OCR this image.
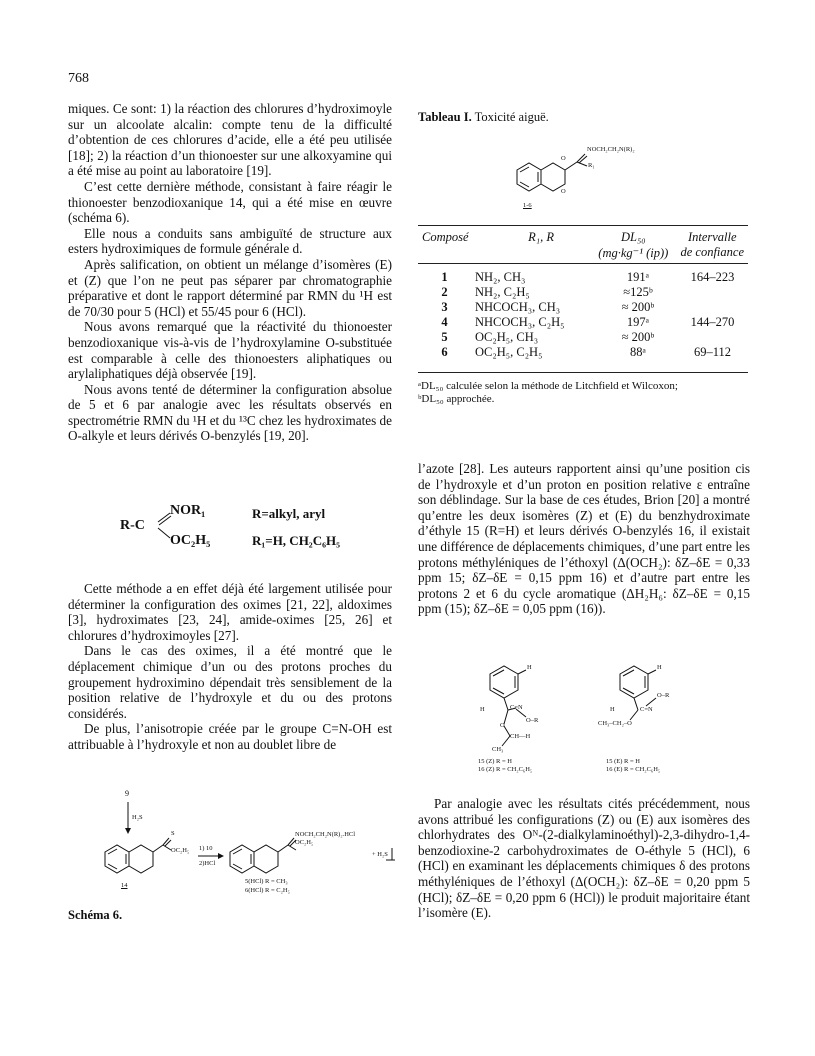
768

miques. Ce sont: 1) la réaction des chlorures d’hydroximoyle sur un alcoolate alcalin: compte tenu de la difficulté d’obtention de ces chlorures d’acide, elle a été peu utilisée [18]; 2) la réaction d’un thionoester sur une alkoxyamine qui a été mise au point au laboratoire [19].

C’est cette dernière méthode, consistant à faire réagir le thionoester benzodioxanique 14, qui a été mise en œuvre (schéma 6).

Elle nous a conduits sans ambiguïté de structure aux esters hydroximiques de formule générale d.

Après salification, on obtient un mélange d’isomères (E) et (Z) que l’on ne peut pas séparer par chromatographie préparative et dont le rapport déterminé par RMN du ¹H est de 70/30 pour 5 (HCl) et 55/45 pour 6 (HCl).

Nous avons remarqué que la réactivité du thionoester benzodioxanique vis-à-vis de l’hydroxylamine O-substituée est comparable à celle des thionoesters aliphatiques ou arylaliphatiques déjà observée [19].

Nous avons tenté de déterminer la configuration absolue de 5 et 6 par analogie avec les résultats observés en spectrométrie RMN du ¹H et du ¹³C chez les hydroximates de O-alkyle et leurs dérivés O-benzylés [19, 20].

R-C
NOR₁
OC₂H₅
R=alkyl, aryl
R₁=H, CH₂C₆H₅

Cette méthode a en effet déjà été largement utilisée pour déterminer la configuration des oximes [21, 22], aldoximes [3], hydroximates [23, 24], amide-oximes [25, 26] et chlorures d’hydroximoyles [27].

Dans le cas des oximes, il a été montré que le déplacement chimique d’un ou des protons proches du groupement hydroximino dépendait très sensiblement de la position relative de l’hydroxyle et du ou des protons considérés.

De plus, l’anisotropie créée par le groupe C=N-OH est attribuable à l’hydroxyle et non au doublet libre de

9
H₂S
S
OC₂H₅ 1) 10
2)HCl
14
NOCH₂CH₂N(R)₂.HCl
OC₂H₅
+ H₂S
5(HCl) R = CH₃
6(HCl) R = C₂H₅
Schéma 6.
Tableau I. Toxicité aiguë.
O
O
NOCH₂CH₂N(R)₂
R₁
1-6
Composé	R₁, R	DL₅₀
(mg·kg⁻¹ (ip))

Intervalle
de confiance
1	NH₂, CH₃	191ᵃ	164–223
2	NH₂, C₂H₅	≈125ᵇ	
3	NHCOCH₃, CH₃	≈ 200ᵇ	
4	NHCOCH₃, C₂H₅	197ᵃ	144–270
5	OC₂H₅, CH₃	≈ 200ᵇ	
6	OC₂H₅, C₂H₅	88ᵃ	69–112
ᵃDL₅₀ calculée selon la méthode de Litchfield et Wilcoxon;
ᵇDL₅₀ approchée.

l’azote [28]. Les auteurs rapportent ainsi qu’une position cis de l’hydroxyle et d’un proton en position relative ε entraîne son déblindage. Sur la base de ces études, Brion [20] a montré qu’entre les deux isomères (Z) et (E) du benzhydroximate d’éthyle 15 (R=H) et leurs dérivés O-benzylés 16, il existait une différence de déplacements chimiques, d’une part entre les protons méthyléniques de l’éthoxyl (Δ(OCH₂): δZ–δE = 0,33 ppm 15; δZ–δE = 0,15 ppm 16) et d’autre part entre les protons 2 et 6 du cycle aromatique (ΔH₂H₆: δZ–δE = 0,15 ppm (15); δZ–δE = 0,05 ppm (16)).

H
H	C=N
O–R
O
CH—H
CH₃
H
H	C=N
O–R
CH₃–CH₂–O
15 (Z) R = H
16 (Z) R = CH₂C₆H₅
15 (E) R = H
16 (E) R = CH₂C₆H₅

Par analogie avec les résultats cités précédemment, nous avons attribué les configurations (Z) ou (E) aux isomères des chlorhydrates des Oᴺ-(2-dialkylaminoéthyl)-2,3-dihydro-1,4-benzodioxine-2 carbohydroximates de O-éthyle 5 (HCl), 6 (HCl) en examinant les déplacements chimiques δ des protons méthyléniques de l’éthoxyl (Δ(OCH₂): δZ–δE = 0,20 ppm 5 (HCl); δZ–δE = 0,20 ppm 6 (HCl)) le produit majoritaire étant l’isomère (E).
